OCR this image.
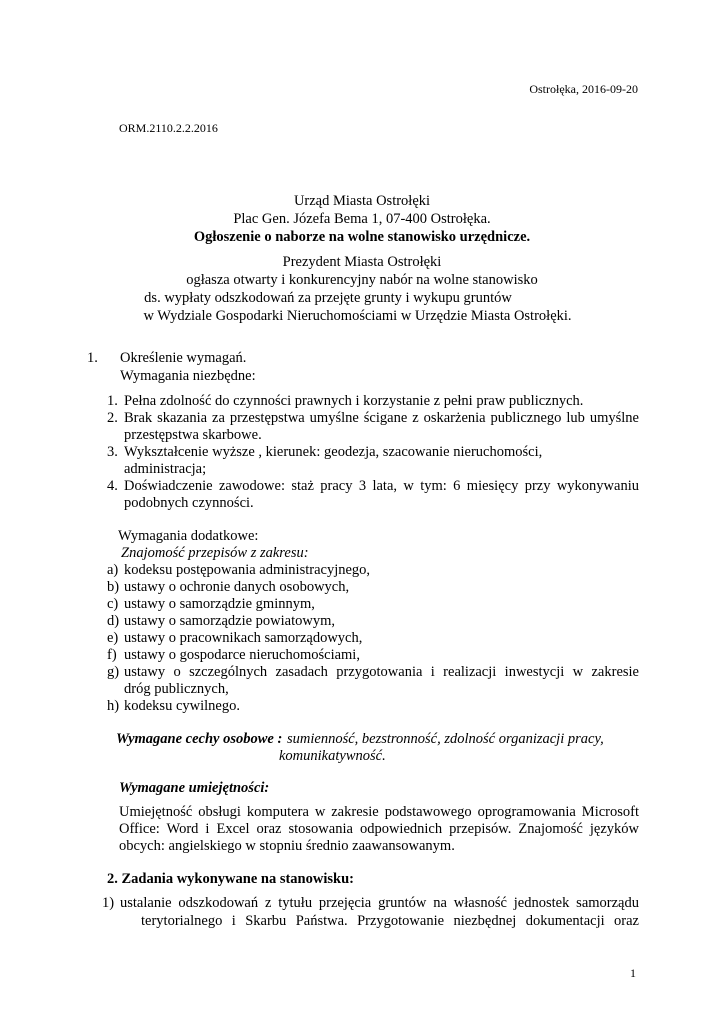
Ostrołęka, 2016-09-20
ORM.2110.2.2.2016
Urząd Miasta Ostrołęki
Plac Gen. Józefa Bema 1, 07-400 Ostrołęka.
Ogłoszenie o naborze na wolne stanowisko urzędnicze.
Prezydent Miasta Ostrołęki
ogłasza otwarty i konkurencyjny nabór na wolne stanowisko
ds. wypłaty odszkodowań za przejęte grunty i wykupu gruntów
w Wydziale Gospodarki Nieruchomościami w Urzędzie Miasta Ostrołęki.
1. Określenie wymagań.
Wymagania niezbędne:
1. Pełna zdolność do czynności prawnych i korzystanie z pełni praw publicznych.
2. Brak skazania za przestępstwa umyślne ścigane z oskarżenia publicznego lub umyślne
przestępstwa skarbowe.
3. Wykształcenie wyższe , kierunek: geodezja, szacowanie nieruchomości,
administracja;
4. Doświadczenie zawodowe: staż pracy 3 lata, w tym: 6 miesięcy przy wykonywaniu
podobnych czynności.
Wymagania dodatkowe:
Znajomość przepisów z zakresu:
a) kodeksu postępowania administracyjnego,
b) ustawy o ochronie danych osobowych,
c) ustawy o samorządzie gminnym,
d) ustawy o samorządzie powiatowym,
e) ustawy o pracownikach samorządowych,
f) ustawy o gospodarce nieruchomościami,
g) ustawy o szczególnych zasadach przygotowania i realizacji inwestycji w zakresie
dróg publicznych,
h) kodeksu cywilnego.
Wymagane cechy osobowe : sumienność, bezstronność, zdolność organizacji pracy,
komunikatywność.
Wymagane umiejętności:
Umiejętność obsługi komputera w zakresie podstawowego oprogramowania Microsoft
Office: Word i Excel oraz stosowania odpowiednich przepisów. Znajomość języków
obcych: angielskiego w stopniu średnio zaawansowanym.
2. Zadania wykonywane na stanowisku:
1) ustalanie odszkodowań z tytułu przejęcia gruntów na własność jednostek samorządu
terytorialnego i Skarbu Państwa. Przygotowanie niezbędnej dokumentacji oraz
1
